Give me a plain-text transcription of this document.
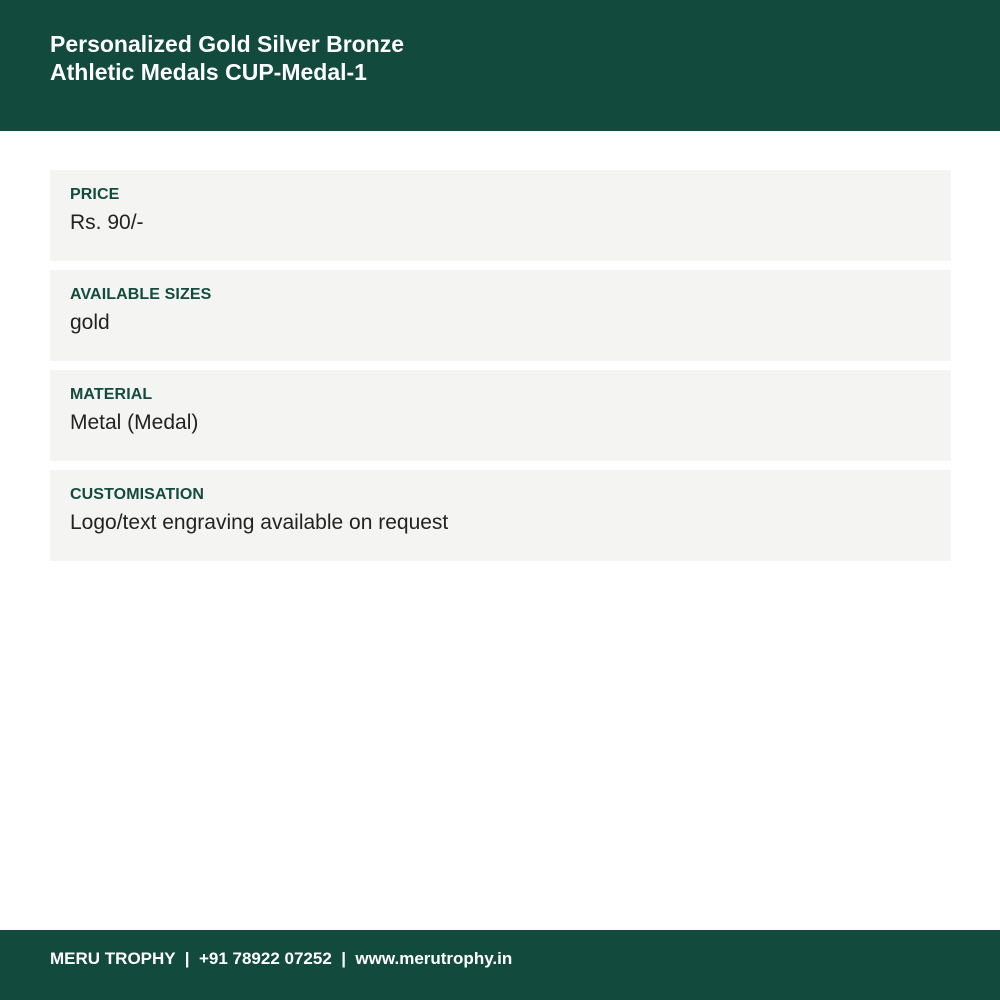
Personalized Gold Silver Bronze
Athletic Medals CUP-Medal-1
PRICE
Rs. 90/-
AVAILABLE SIZES
gold
MATERIAL
Metal (Medal)
CUSTOMISATION
Logo/text engraving available on request
MERU TROPHY  |  +91 78922 07252  |  www.merutrophy.in
